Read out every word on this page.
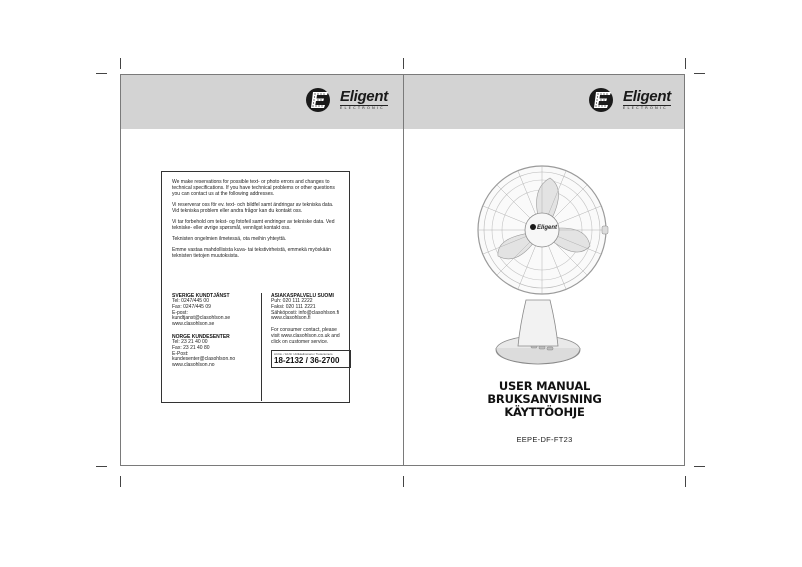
Eligent
ELECTRONIC
Eligent
ELECTRONIC

We make reservations for possible text- or photo errors and changes to technical specifications. If you have technical problems or other questions you can contact us at the following addresses.

Vi reserverar oss för ev. text- och bildfel samt ändringar av tekniska data. Vid tekniska problem eller andra frågor kan du kontakt oss.

Vi tar forbehold om tekst- og fotofeil samt endringer av tekniske data. Ved tekniske- eller øvrige spørsmål, vennligst kontakt oss.

Teknisten ongelmien ilmetessä, ota meihin yhteyttä.

Emme vastaa mahdollisista kuva- tai tekstivirheistä, emmekä myöskään teknisten tietojen muutoksista.

SVERIGE KUNDTJÄNST
Tel: 0247/445 00
Fax: 0247/445 09
E-post:
kundtjanst@clasohlson.se
www.clasohlson.se
NORGE KUNDESENTER
Tel: 23 21 40 00
Fax: 23 21 40 80
E-Post:
kundesenter@clasohlson.no
www.clasohlson.no
ASIAKASPALVELU SUOMI
Puh: 020 111 2222
Faksi: 020 111 2221
Sähköposti: info@clasohlson.fi
www.clasohlson.fi
For consumer contact, please
visit www.clasohlson.co.uk and
click on customer service.
Art.No. / Art.Nr / Artikkelinumero / Tuotenumero
18-2132 / 36-2700
Eligent
USER MANUAL
BRUKSANVISNING
KÄYTTÖOHJE
EEPE-DF-FT23
